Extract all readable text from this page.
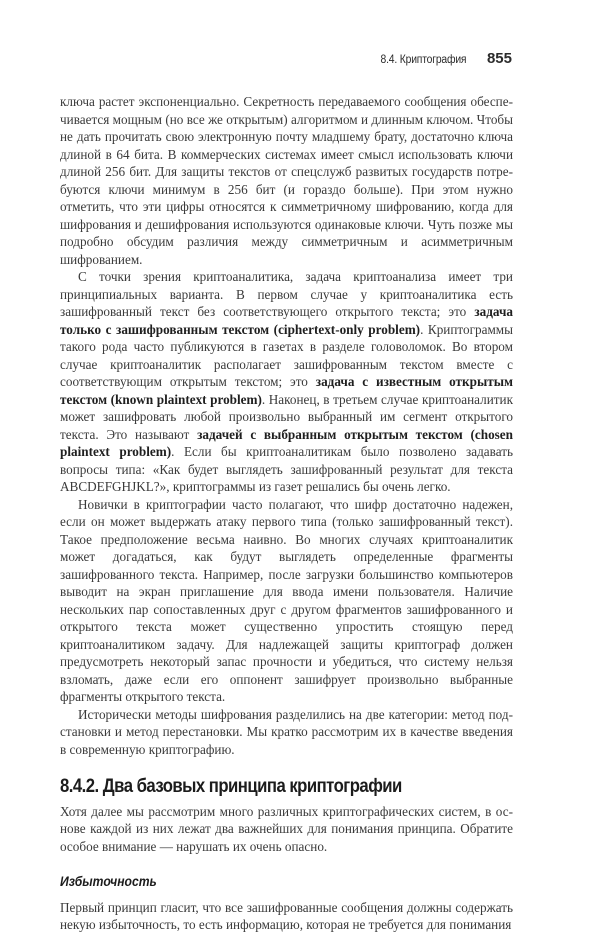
8.4. Криптография 855

ключа растет экспоненциально. Секретность передаваемого сообщения обеспечивается мощным (но все же открытым) алгоритмом и длинным ключом. Чтобы не дать прочитать свою электронную почту младшему брату, достаточно ключа длиной в 64 бита. В коммерческих системах имеет смысл использовать ключи длиной 256 бит. Для защиты текстов от спецслужб развитых государств потребуются ключи минимум в 256 бит (и гораздо больше). При этом нужно отметить, что эти цифры относятся к симметричному шифрованию, когда для шифрования и дешифрования используются одинаковые ключи. Чуть позже мы подробно обсудим различия между симметричным и асимметричным шифрованием.

С точки зрения криптоаналитика, задача криптоанализа имеет три принципиальных варианта. В первом случае у криптоаналитика есть зашифрованный текст без соответствующего открытого текста; это задача только с зашифрованным текстом (ciphertext-only problem). Криптограммы такого рода часто публикуются в газетах в разделе головоломок. Во втором случае криптоаналитик располагает зашифрованным текстом вместе с соответствующим открытым текстом; это задача с известным открытым текстом (known plaintext problem). Наконец, в третьем случае криптоаналитик может зашифровать любой произвольно выбранный им сегмент открытого текста. Это называют задачей с выбранным открытым текстом (chosen plaintext problem). Если бы криптоаналитикам было позволено задавать вопросы типа: «Как будет выглядеть зашифрованный результат для текста ABCDEFGHJKL?», криптограммы из газет решались бы очень легко.

Новички в криптографии часто полагают, что шифр достаточно надежен, если он может выдержать атаку первого типа (только зашифрованный текст). Такое предположение весьма наивно. Во многих случаях криптоаналитик может догадаться, как будут выглядеть определенные фрагменты зашифрованного текста. Например, после загрузки большинство компьютеров выводит на экран приглашение для ввода имени пользователя. Наличие нескольких пар сопоставленных друг с другом фрагментов зашифрованного и открытого текста может существенно упростить стоящую перед криптоаналитиком задачу. Для надлежащей защиты криптограф должен предусмотреть некоторый запас прочности и убедиться, что систему нельзя взломать, даже если его оппонент зашифрует произвольно выбранные фрагменты открытого текста.

Исторически методы шифрования разделились на две категории: метод подстановки и метод перестановки. Мы кратко рассмотрим их в качестве введения в современную криптографию.

8.4.2. Два базовых принципа криптографии

Хотя далее мы рассмотрим много различных криптографических систем, в основе каждой из них лежат два важнейших для понимания принципа. Обратите особое внимание — нарушать их очень опасно.

Избыточность

Первый принцип гласит, что все зашифрованные сообщения должны содержать некую избыточность, то есть информацию, которая не требуется для понимания
